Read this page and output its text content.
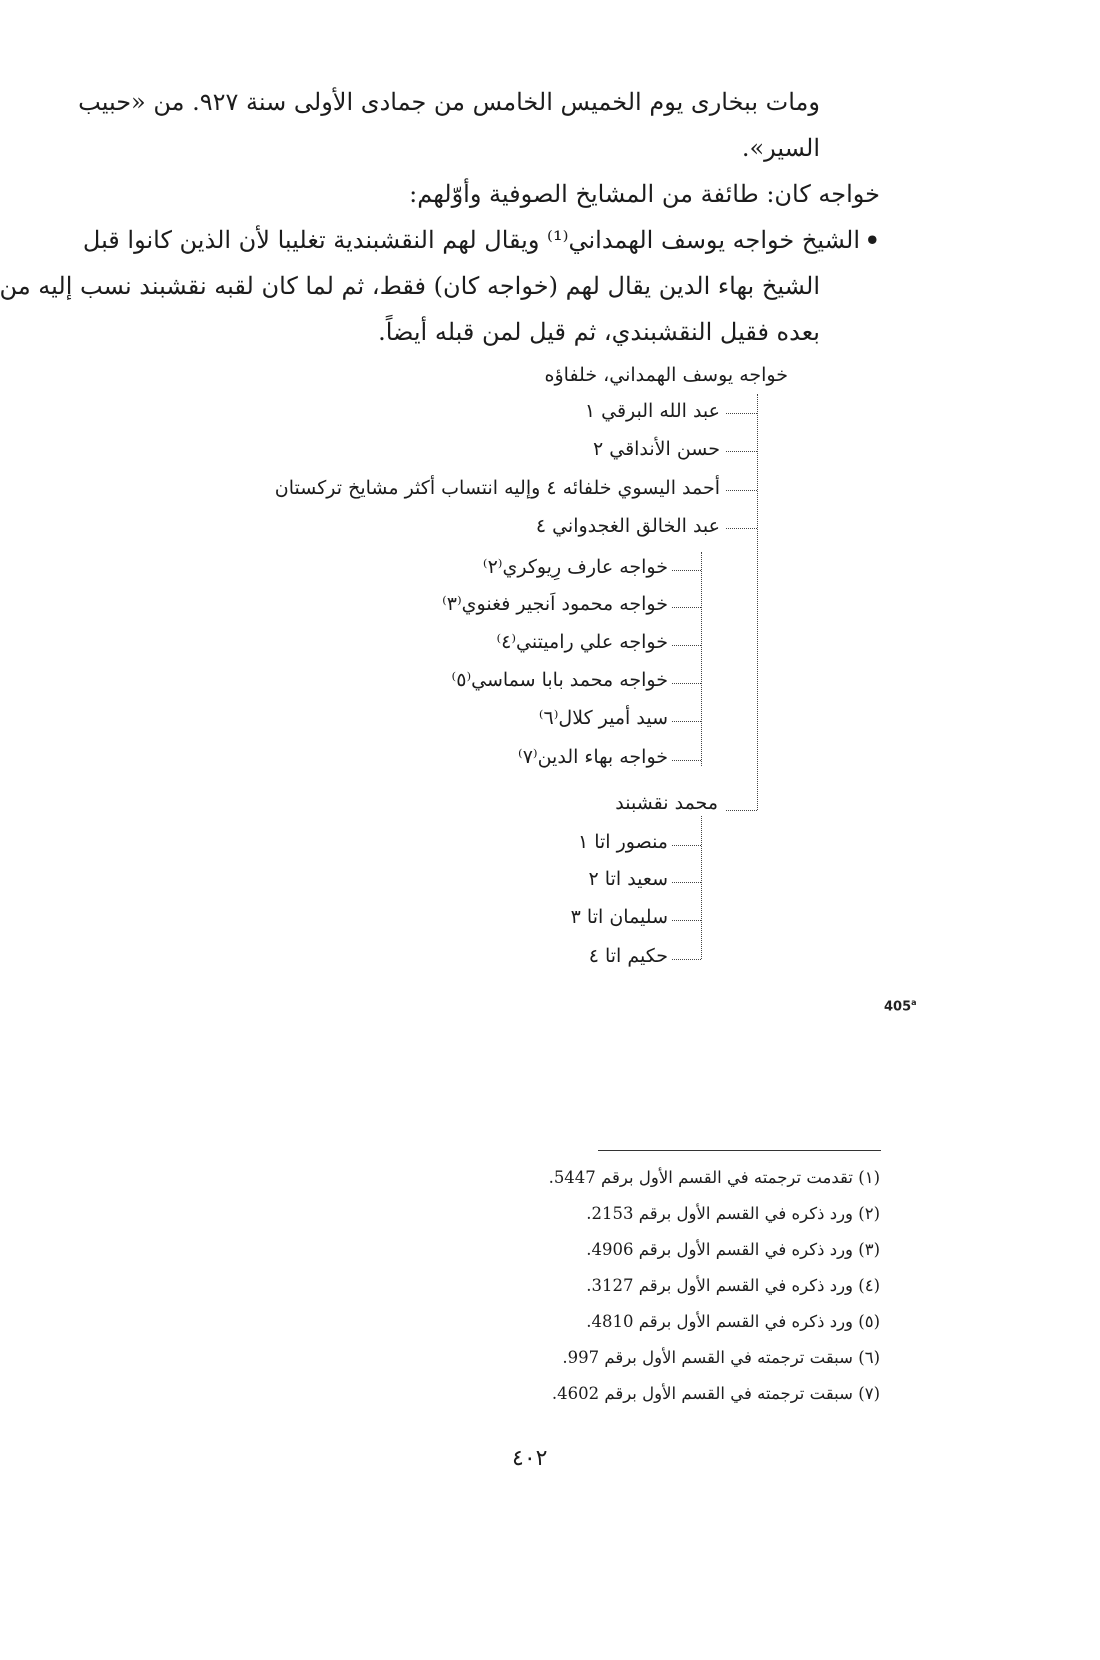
ومات ببخارى يوم الخميس الخامس من جمادى الأولى سنة ٩٢٧. من «حبيب
السير».
خواجه كان: طائفة من المشايخ الصوفية وأوّلهم:
•
الشيخ خواجه يوسف الهمداني⁽¹⁾ ويقال لهم النقشبندية تغليبا لأن الذين كانوا قبل
الشيخ بهاء الدين يقال لهم (خواجه كان) فقط، ثم لما كان لقبه نقشبند نسب إليه من
بعده فقيل النقشبندي، ثم قيل لمن قبله أيضاً.
خواجه يوسف الهمداني، خلفاؤه
عبد الله البرقي ١
حسن الأنداقي ٢
أحمد اليسوي خلفائه ٤ وإليه انتساب أكثر مشايخ تركستان
عبد الخالق الغجدواني ٤
خواجه عارف رِيوكري⁽٢⁾
خواجه محمود اَنجير فغنوي⁽٣⁾
خواجه علي راميتني⁽٤⁾
خواجه محمد بابا سماسي⁽٥⁾
سيد أمير كلال⁽٦⁾
خواجه بهاء الدين⁽٧⁾
محمد نقشبند
منصور اتا ١
سعيد اتا ٢
سليمان اتا ٣
حكيم اتا ٤
405$^a$
(١) تقدمت ترجمته في القسم الأول برقم 5447.
(٢) ورد ذكره في القسم الأول برقم 2153.
(٣) ورد ذكره في القسم الأول برقم 4906.
(٤) ورد ذكره في القسم الأول برقم 3127.
(٥) ورد ذكره في القسم الأول برقم 4810.
(٦) سبقت ترجمته في القسم الأول برقم 997.
(٧) سبقت ترجمته في القسم الأول برقم 4602.
٤٠٢
